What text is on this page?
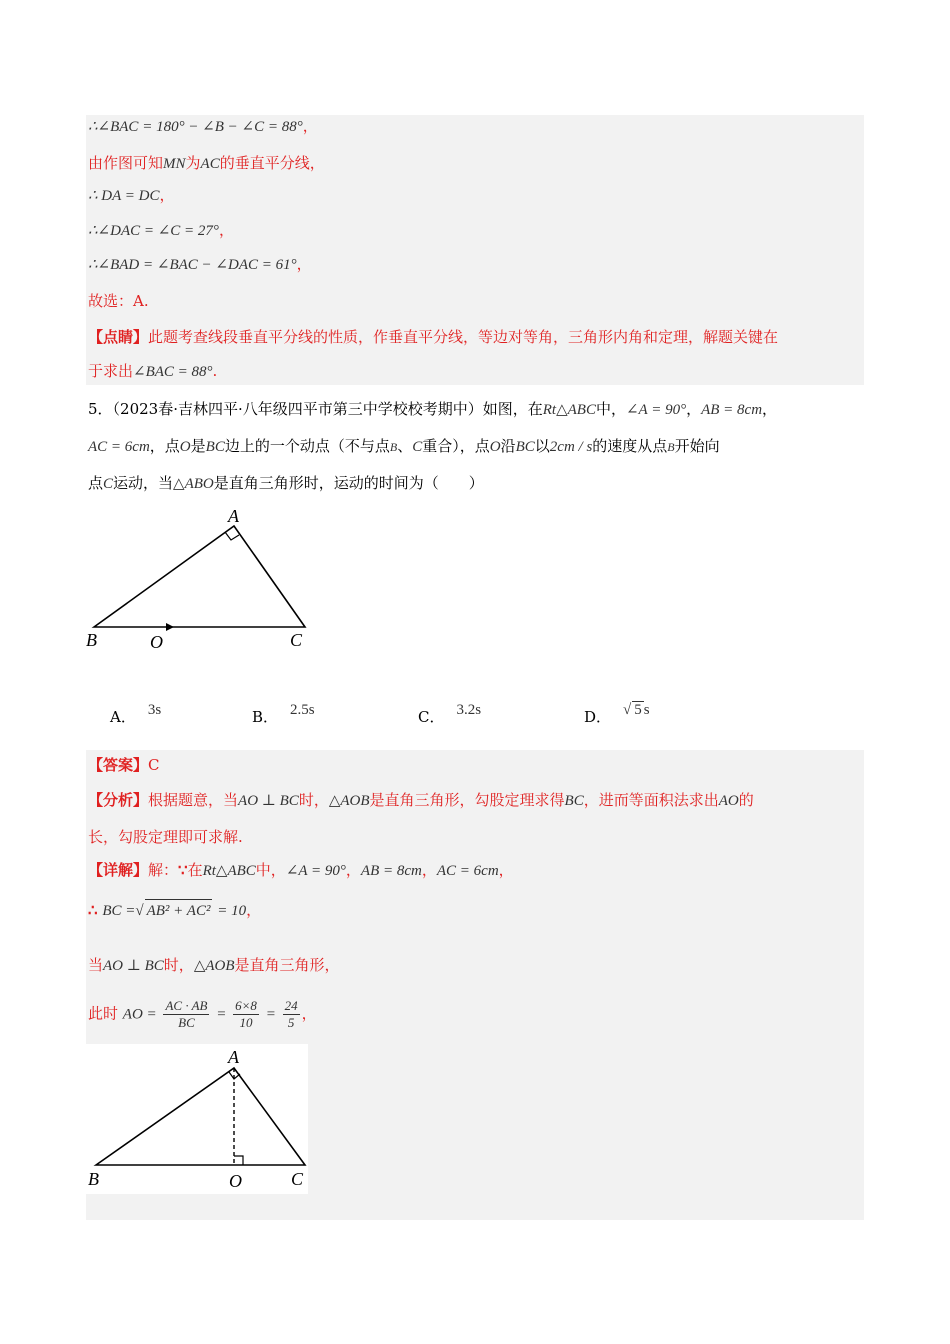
∴∠BAC = 180° − ∠B − ∠C = 88°，
由作图可知MN为AC的垂直平分线，
∴ DA = DC，
∴∠DAC = ∠C = 27°，
∴∠BAD = ∠BAC − ∠DAC = 61°，
故选：A.
【点睛】此题考查线段垂直平分线的性质，作垂直平分线，等边对等角，三角形内角和定理，解题关键在
于求出∠BAC = 88°.
5．（2023春·吉林四平·八年级四平市第三中学校校考期中）如图，在Rt△ABC中，∠A = 90°，AB = 8cm，
AC = 6cm，点O是BC边上的一个动点（不与点B、C重合），点O沿BC以2cm / s的速度从点B开始向
点C运动，当△ABO是直角三角形时，运动的时间为（　　）
A
B	C
O
A． 3s	B． 2.5s	C． 3.2s	D． √ 5 s
【答案】C
【分析】根据题意，当AO ⊥ BC时，△AOB是直角三角形，勾股定理求得BC，进而等面积法求出AO的
长，勾股定理即可求解.
【详解】解：∵在Rt△ABC中，∠A = 90°，AB = 8cm，AC = 6cm，
∴ BC =√ AB² + AC² = 10，
当AO ⊥ BC时，△AOB是直角三角形，
此时 AO = $\frac{AC \cdot AB}{BC} = \frac{6\times 8}{10} = \frac{24}{5}$ ，
A
B	C
O
